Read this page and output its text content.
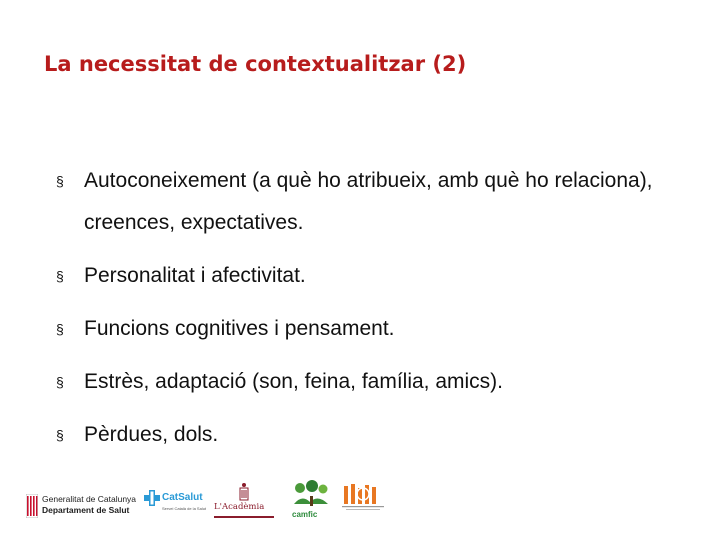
La necessitat de contextualitzar (2)
§ Autoconeixement (a què ho atribueix, amb què ho relaciona), creences, expectatives.
§ Personalitat i afectivitat.
§ Funcions cognitives i pensament.
§ Estrès, adaptació (son, feina, família, amics).
§ Pèrdues, dols.
Generalitat de Catalunya
Departament de Salut
CatSalut
Servei Català de la Salut L'Acadèmia
camfic
